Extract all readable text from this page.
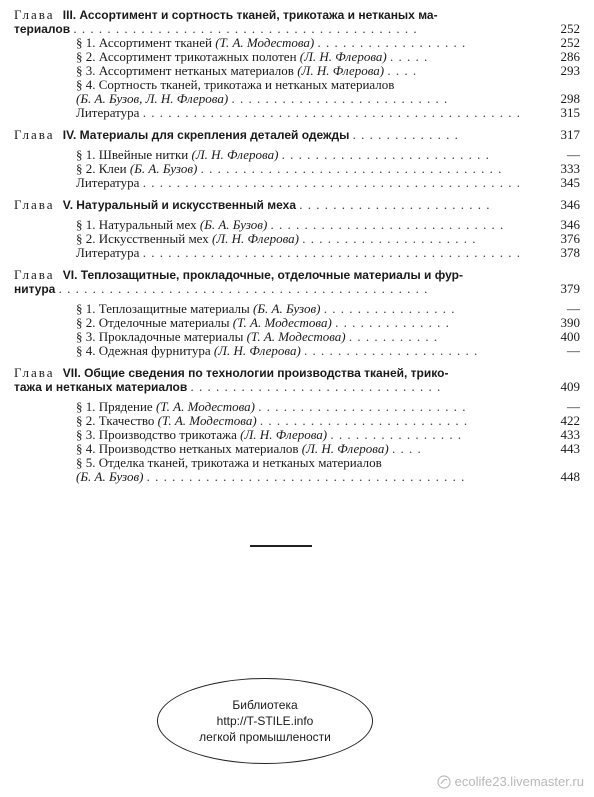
Глава III. Ассортимент и сортность тканей, трикотажа и нетканых ма-
териалов . . . . . . . . . . . . . . . . . . . . . . . . . . . . . . . . . . . . . . . . .	252
§ 1. Ассортимент тканей (Т. А. Модестова) . . . . . . . . . . . . . . . . . .	252
§ 2. Ассортимент трикотажных полотен (Л. Н. Флерова) . . . . .	286
§ 3. Ассортимент нетканых материалов (Л. Н. Флерова) . . . .	293
§ 4. Сортность тканей, трикотажа и нетканых материалов
(Б. А. Бузов, Л. Н. Флерова) . . . . . . . . . . . . . . . . . . . . . . . . . .	298
Литература . . . . . . . . . . . . . . . . . . . . . . . . . . . . . . . . . . . . . . . . . . . . .	315
Глава IV. Материалы для скрепления деталей одежды . . . . . . . . . . . . .	317
§ 1. Швейные нитки (Л. Н. Флерова) . . . . . . . . . . . . . . . . . . . . . . . . .	—
§ 2. Клеи (Б. А. Бузов) . . . . . . . . . . . . . . . . . . . . . . . . . . . . . . . . . . . .	333
Литература . . . . . . . . . . . . . . . . . . . . . . . . . . . . . . . . . . . . . . . . . . . . .	345
Глава V. Натуральный и искусственный меха . . . . . . . . . . . . . . . . . . . . . . .	346
§ 1. Натуральный мех (Б. А. Бузов) . . . . . . . . . . . . . . . . . . . . . . . . . . . .	346
§ 2. Искусственный мех (Л. Н. Флерова) . . . . . . . . . . . . . . . . . . . . .	376
Литература . . . . . . . . . . . . . . . . . . . . . . . . . . . . . . . . . . . . . . . . . . . . .	378
Глава VI. Теплозащитные, прокладочные, отделочные материалы и фур-
нитура . . . . . . . . . . . . . . . . . . . . . . . . . . . . . . . . . . . . . . . . . . . .	379
§ 1. Теплозащитные материалы (Б. А. Бузов) . . . . . . . . . . . . . . . .	—
§ 2. Отделочные материалы (Т. А. Модестова) . . . . . . . . . . . . . .	390
§ 3. Прокладочные материалы (Т. А. Модестова) . . . . . . . . . . .	400
§ 4. Одежная фурнитура (Л. Н. Флерова) . . . . . . . . . . . . . . . . . . . . .	—
Глава VII. Общие сведения по технологии производства тканей, трико-
тажа и нетканых материалов . . . . . . . . . . . . . . . . . . . . . . . . . . . . . .	409
§ 1. Прядение (Т. А. Модестова) . . . . . . . . . . . . . . . . . . . . . . . . .	—
§ 2. Ткачество (Т. А. Модестова) . . . . . . . . . . . . . . . . . . . . . . . . .	422
§ 3. Производство трикотажа (Л. Н. Флерова) . . . . . . . . . . . . . . . .	433
§ 4. Производство нетканых материалов (Л. Н. Флерова) . . . .	443
§ 5. Отделка тканей, трикотажа и нетканых материалов
(Б. А. Бузов) . . . . . . . . . . . . . . . . . . . . . . . . . . . . . . . . . . . . . .	448
Библиотека
http://T-STILE.info
легкой промышлености
ecolife23.livemaster.ru
